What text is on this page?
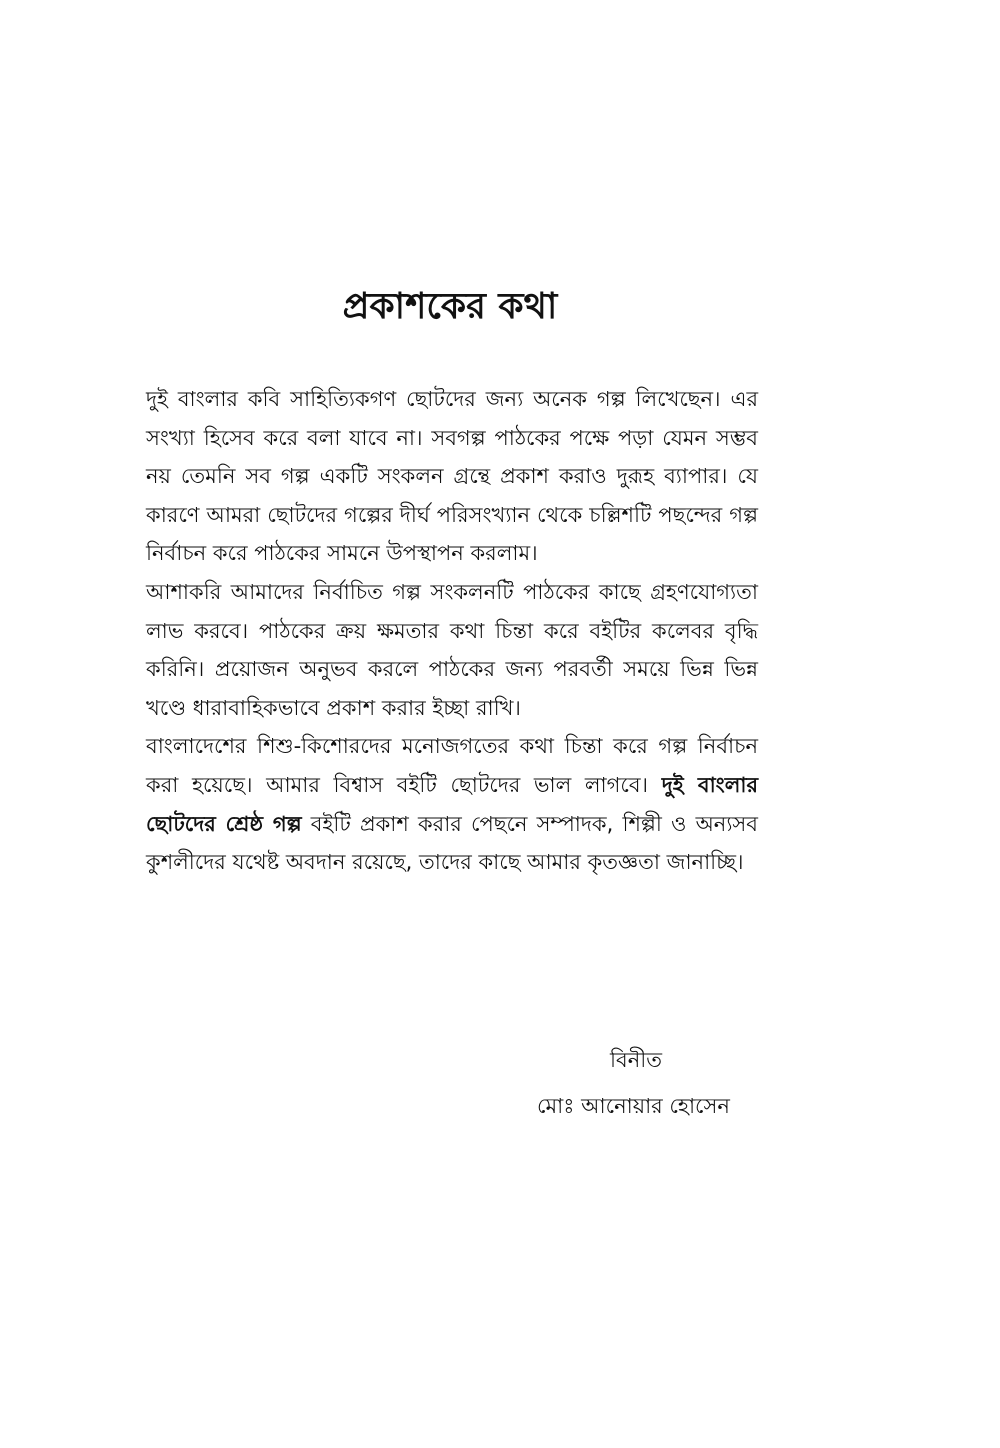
প্রকাশকের কথা

দুই বাংলার কবি সাহিত্যিকগণ ছোটদের জন্য অনেক গল্প লিখেছেন। এর সংখ্যা হিসেব করে বলা যাবে না। সবগল্প পাঠকের পক্ষে পড়া যেমন সম্ভব নয় তেমনি সব গল্প একটি সংকলন গ্রন্থে প্রকাশ করাও দুরূহ ব্যাপার। যে কারণে আমরা ছোটদের গল্পের দীর্ঘ পরিসংখ্যান থেকে চল্লিশটি পছন্দের গল্প নির্বাচন করে পাঠকের সামনে উপস্থাপন করলাম।

আশাকরি আমাদের নির্বাচিত গল্প সংকলনটি পাঠকের কাছে গ্রহণযোগ্যতা লাভ করবে। পাঠকের ক্রয় ক্ষমতার কথা চিন্তা করে বইটির কলেবর বৃদ্ধি করিনি। প্রয়োজন অনুভব করলে পাঠকের জন্য পরবর্তী সময়ে ভিন্ন ভিন্ন খণ্ডে ধারাবাহিকভাবে প্রকাশ করার ইচ্ছা রাখি।

বাংলাদেশের শিশু-কিশোরদের মনোজগতের কথা চিন্তা করে গল্প নির্বাচন করা হয়েছে। আমার বিশ্বাস বইটি ছোটদের ভাল লাগবে। দুই বাংলার ছোটদের শ্রেষ্ঠ গল্প বইটি প্রকাশ করার পেছনে সম্পাদক, শিল্পী ও অন্যসব কুশলীদের যথেষ্ট অবদান রয়েছে, তাদের কাছে আমার কৃতজ্ঞতা জানাচ্ছি।

বিনীত
মোঃ আনোয়ার হোসেন
